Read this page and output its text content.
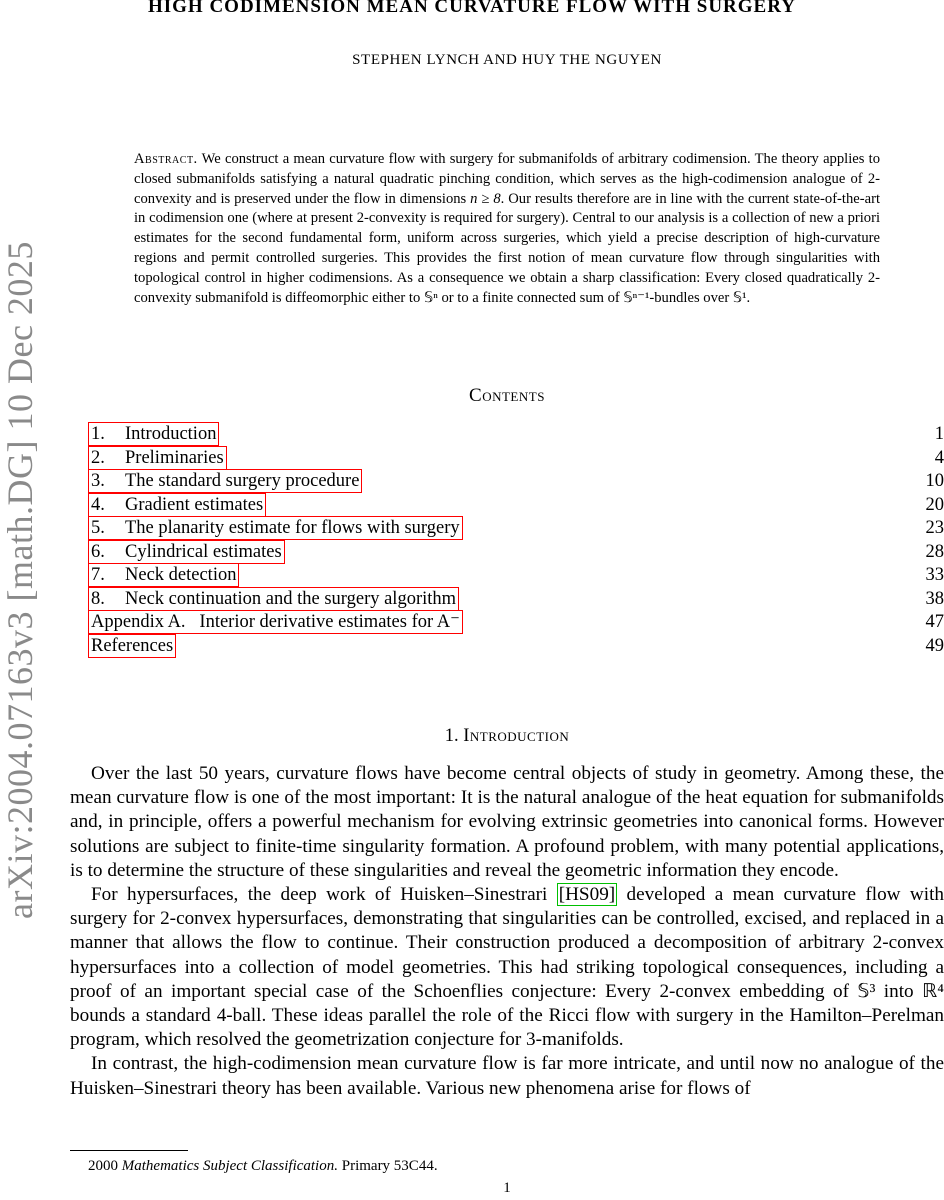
arXiv:2004.07163v3 [math.DG] 10 Dec 2025
HIGH CODIMENSION MEAN CURVATURE FLOW WITH SURGERY
STEPHEN LYNCH AND HUY THE NGUYEN
Abstract. We construct a mean curvature flow with surgery for submanifolds of arbitrary codimension. The theory applies to closed submanifolds satisfying a natural quadratic pinching condition, which serves as the high-codimension analogue of 2-convexity and is preserved under the flow in dimensions n ≥ 8. Our results therefore are in line with the current state-of-the-art in codimension one (where at present 2-convexity is required for surgery). Central to our analysis is a collection of new a priori estimates for the second fundamental form, uniform across surgeries, which yield a precise description of high-curvature regions and permit controlled surgeries. This provides the first notion of mean curvature flow through singularities with topological control in higher codimensions. As a consequence we obtain a sharp classification: Every closed quadratically 2-convexity submanifold is diffeomorphic either to 𝕊ⁿ or to a finite connected sum of 𝕊ⁿ⁻¹-bundles over 𝕊¹.
Contents
1. Introduction	1
2. Preliminaries	4
3. The standard surgery procedure	10
4. Gradient estimates	20
5. The planarity estimate for flows with surgery	23
6. Cylindrical estimates	28
7. Neck detection	33
8. Neck continuation and the surgery algorithm	38
Appendix A.   Interior derivative estimates for A⁻	47
References	49
1. Introduction

Over the last 50 years, curvature flows have become central objects of study in geometry. Among these, the mean curvature flow is one of the most important: It is the natural analogue of the heat equation for submanifolds and, in principle, offers a powerful mechanism for evolving extrinsic geometries into canonical forms. However solutions are subject to finite-time singularity formation. A profound problem, with many potential applications, is to determine the structure of these singularities and reveal the geometric information they encode.

For hypersurfaces, the deep work of Huisken–Sinestrari [HS09] developed a mean curvature flow with surgery for 2-convex hypersurfaces, demonstrating that singularities can be controlled, excised, and replaced in a manner that allows the flow to continue. Their construction produced a decomposition of arbitrary 2-convex hypersurfaces into a collection of model geometries. This had striking topological consequences, including a proof of an important special case of the Schoenflies conjecture: Every 2-convex embedding of 𝕊³ into ℝ⁴ bounds a standard 4-ball. These ideas parallel the role of the Ricci flow with surgery in the Hamilton–Perelman program, which resolved the geometrization conjecture for 3-manifolds.

In contrast, the high-codimension mean curvature flow is far more intricate, and until now no analogue of the Huisken–Sinestrari theory has been available. Various new phenomena arise for flows of

2000 Mathematics Subject Classification. Primary 53C44.
1
